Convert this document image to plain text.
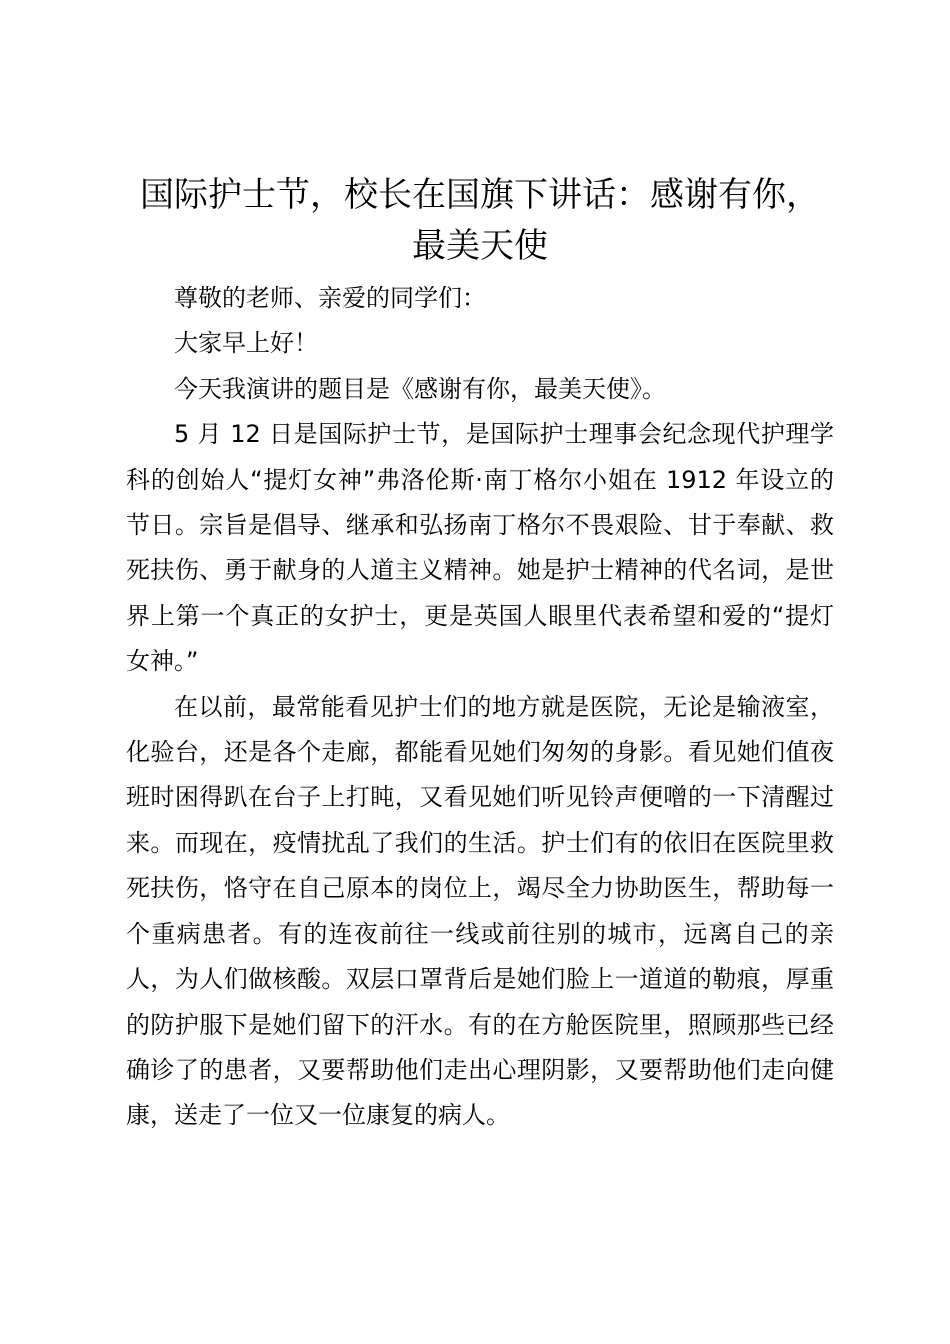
国际护士节，校长在国旗下讲话：感谢有你，最美天使

尊敬的老师、亲爱的同学们：

大家早上好！

今天我演讲的题目是《感谢有你，最美天使》。

5 月 12 日是国际护士节，是国际护士理事会纪念现代护理学科的创始人“提灯女神”弗洛伦斯·南丁格尔小姐在 1912 年设立的节日。宗旨是倡导、继承和弘扬南丁格尔不畏艰险、甘于奉献、救死扶伤、勇于献身的人道主义精神。她是护士精神的代名词，是世界上第一个真正的女护士，更是英国人眼里代表希望和爱的“提灯女神。”

在以前，最常能看见护士们的地方就是医院，无论是输液室，化验台，还是各个走廊，都能看见她们匆匆的身影。看见她们值夜班时困得趴在台子上打盹，又看见她们听见铃声便噌的一下清醒过来。而现在，疫情扰乱了我们的生活。护士们有的依旧在医院里救死扶伤，恪守在自己原本的岗位上，竭尽全力协助医生，帮助每一个重病患者。有的连夜前往一线或前往别的城市，远离自己的亲人，为人们做核酸。双层口罩背后是她们脸上一道道的勒痕，厚重的防护服下是她们留下的汗水。有的在方舱医院里，照顾那些已经确诊了的患者，又要帮助他们走出心理阴影，又要帮助他们走向健康，送走了一位又一位康复的病人。
